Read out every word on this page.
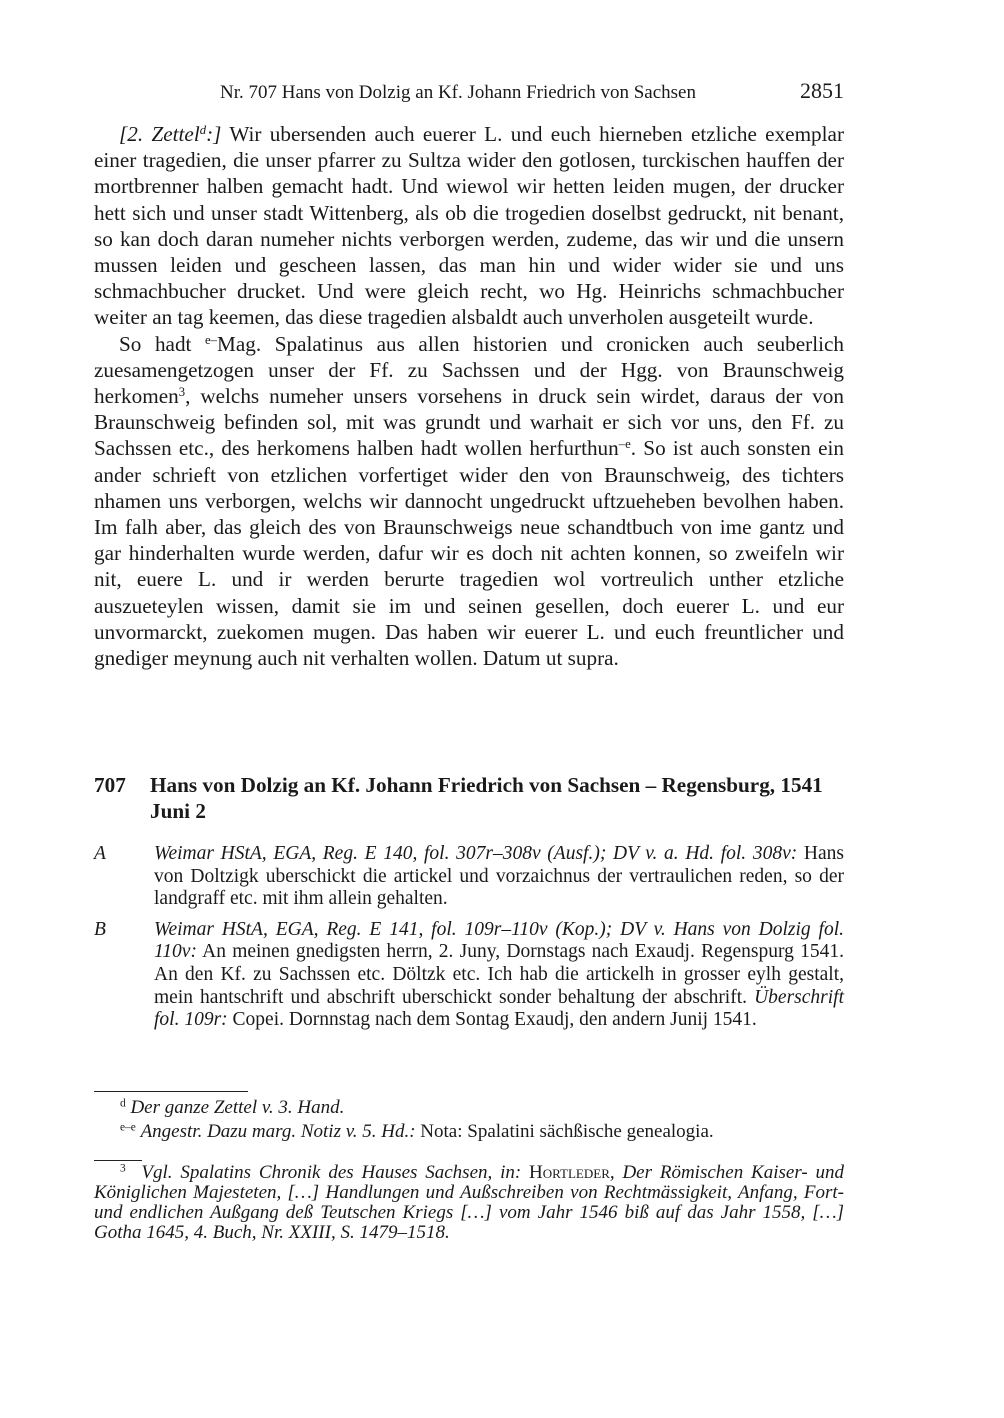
Nr. 707 Hans von Dolzig an Kf. Johann Friedrich von Sachsen	2851

[2. Zettel$^d$:] Wir ubersenden auch euerer L. und euch hierneben etzliche exemplar einer tragedien, die unser pfarrer zu Sultza wider den gotlosen, turckischen hauffen der mortbrenner halben gemacht hadt. Und wiewol wir hetten leiden mugen, der drucker hett sich und unser stadt Wittenberg, als ob die trogedien doselbst gedruckt, nit benant, so kan doch daran numeher nichts verborgen werden, zudeme, das wir und die unsern mussen leiden und gescheen lassen, das man hin und wider wider sie und uns schmachbucher drucket. Und were gleich recht, wo Hg. Heinrichs schmachbucher weiter an tag keemen, das diese tragedien alsbaldt auch unverholen ausgeteilt wurde.

So hadt $^{e-}$Mag. Spalatinus aus allen historien und cronicken auch seuberlich zuesamengetzogen unser der Ff. zu Sachssen und der Hgg. von Braunschweig herkomen$^3$, welchs numeher unsers vorsehens in druck sein wirdet, daraus der von Braunschweig befinden sol, mit was grundt und warhait er sich vor uns, den Ff. zu Sachssen etc., des herkomens halben hadt wollen herfurthun$^{-e}$. So ist auch sonsten ein ander schrieft von etzlichen vorfertiget wider den von Braunschweig, des tichters nhamen uns verborgen, welchs wir dannocht ungedruckt uftzueheben bevolhen haben. Im falh aber, das gleich des von Braunschweigs neue schandtbuch von ime gantz und gar hinderhalten wurde werden, dafur wir es doch nit achten konnen, so zweifeln wir nit, euere L. und ir werden berurte tragedien wol vortreulich unther etzliche auszueteylen wissen, damit sie im und seinen gesellen, doch euerer L. und eur unvormarckt, zuekomen mugen. Das haben wir euerer L. und euch freuntlicher und gnediger meynung auch nit verhalten wollen. Datum ut supra.

707	Hans von Dolzig an Kf. Johann Friedrich von Sachsen – Regensburg, 1541 Juni 2
A	Weimar HStA, EGA, Reg. E 140, fol. 307r–308v (Ausf.); DV v. a. Hd. fol. 308v: Hans von Doltzigk uberschickt die artickel und vorzaichnus der vertraulichen reden, so der landgraff etc. mit ihm allein gehalten.
B	Weimar HStA, EGA, Reg. E 141, fol. 109r–110v (Kop.); DV v. Hans von Dolzig fol. 110v: An meinen gnedigsten herrn, 2. Juny, Dornstags nach Exaudj. Regenspurg 1541. An den Kf. zu Sachssen etc. Döltzk etc. Ich hab die artickelh in grosser eylh gestalt, mein hantschrift und abschrift uberschickt sonder behaltung der abschrift. Überschrift fol. 109r: Copei. Dornnstag nach dem Sontag Exaudj, den andern Junij 1541.
$^d$ Der ganze Zettel v. 3. Hand.
$^{e-e}$ Angestr. Dazu marg. Notiz v. 5. Hd.: Nota: Spalatini sächßische genealogia.

$^3$ Vgl. Spalatins Chronik des Hauses Sachsen, in: Hortleder, Der Römischen Kaiser- und Königlichen Majesteten, […] Handlungen und Außschreiben von Rechtmässigkeit, Anfang, Fort- und endlichen Außgang deß Teutschen Kriegs […] vom Jahr 1546 biß auf das Jahr 1558, […] Gotha 1645, 4. Buch, Nr. XXIII, S. 1479–1518.
